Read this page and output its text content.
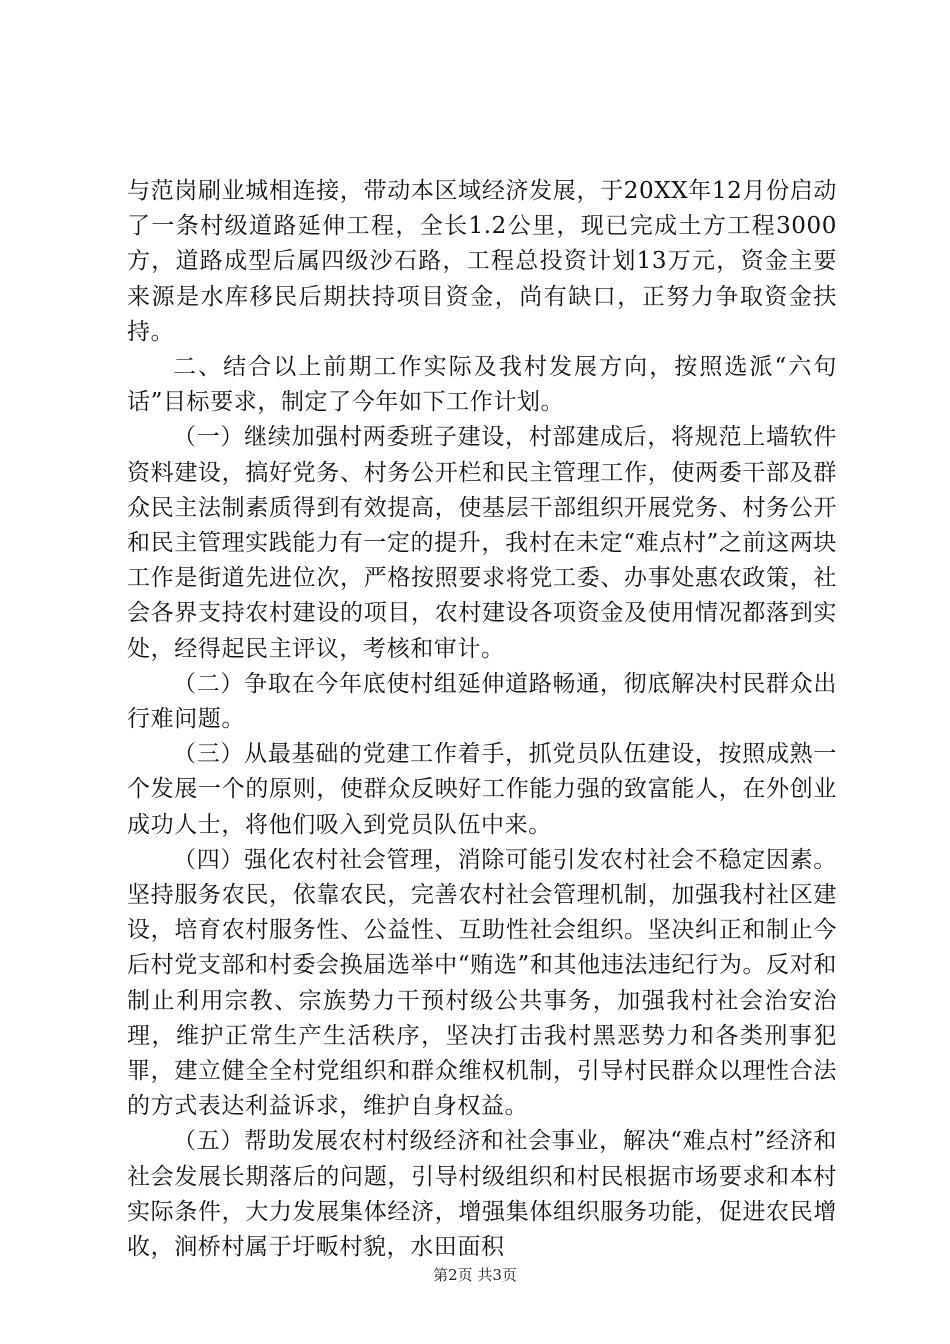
与范岗刷业城相连接，带动本区域经济发展，于20XX年12月份启动了一条村级道路延伸工程，全长1.2公里，现已完成土方工程3000方，道路成型后属四级沙石路，工程总投资计划13万元，资金主要来源是水库移民后期扶持项目资金，尚有缺口，正努力争取资金扶持。

二、结合以上前期工作实际及我村发展方向，按照选派“六句话”目标要求，制定了今年如下工作计划。

（一）继续加强村两委班子建设，村部建成后，将规范上墙软件资料建设，搞好党务、村务公开栏和民主管理工作，使两委干部及群众民主法制素质得到有效提高，使基层干部组织开展党务、村务公开和民主管理实践能力有一定的提升，我村在未定“难点村”之前这两块工作是街道先进位次，严格按照要求将党工委、办事处惠农政策，社会各界支持农村建设的项目，农村建设各项资金及使用情况都落到实处，经得起民主评议，考核和审计。

（二）争取在今年底使村组延伸道路畅通，彻底解决村民群众出行难问题。

（三）从最基础的党建工作着手，抓党员队伍建设，按照成熟一个发展一个的原则，使群众反映好工作能力强的致富能人，在外创业成功人士，将他们吸入到党员队伍中来。

（四）强化农村社会管理，消除可能引发农村社会不稳定因素。坚持服务农民，依靠农民，完善农村社会管理机制，加强我村社区建设，培育农村服务性、公益性、互助性社会组织。坚决纠正和制止今后村党支部和村委会换届选举中“贿选”和其他违法违纪行为。反对和制止利用宗教、宗族势力干预村级公共事务，加强我村社会治安治理，维护正常生产生活秩序，坚决打击我村黑恶势力和各类刑事犯罪，建立健全全村党组织和群众维权机制，引导村民群众以理性合法的方式表达利益诉求，维护自身权益。

（五）帮助发展农村村级经济和社会事业，解决“难点村”经济和社会发展长期落后的问题，引导村级组织和村民根据市场要求和本村实际条件，大力发展集体经济，增强集体组织服务功能，促进农民增收，涧桥村属于圩畈村貌，水田面积

第2页 共3页
